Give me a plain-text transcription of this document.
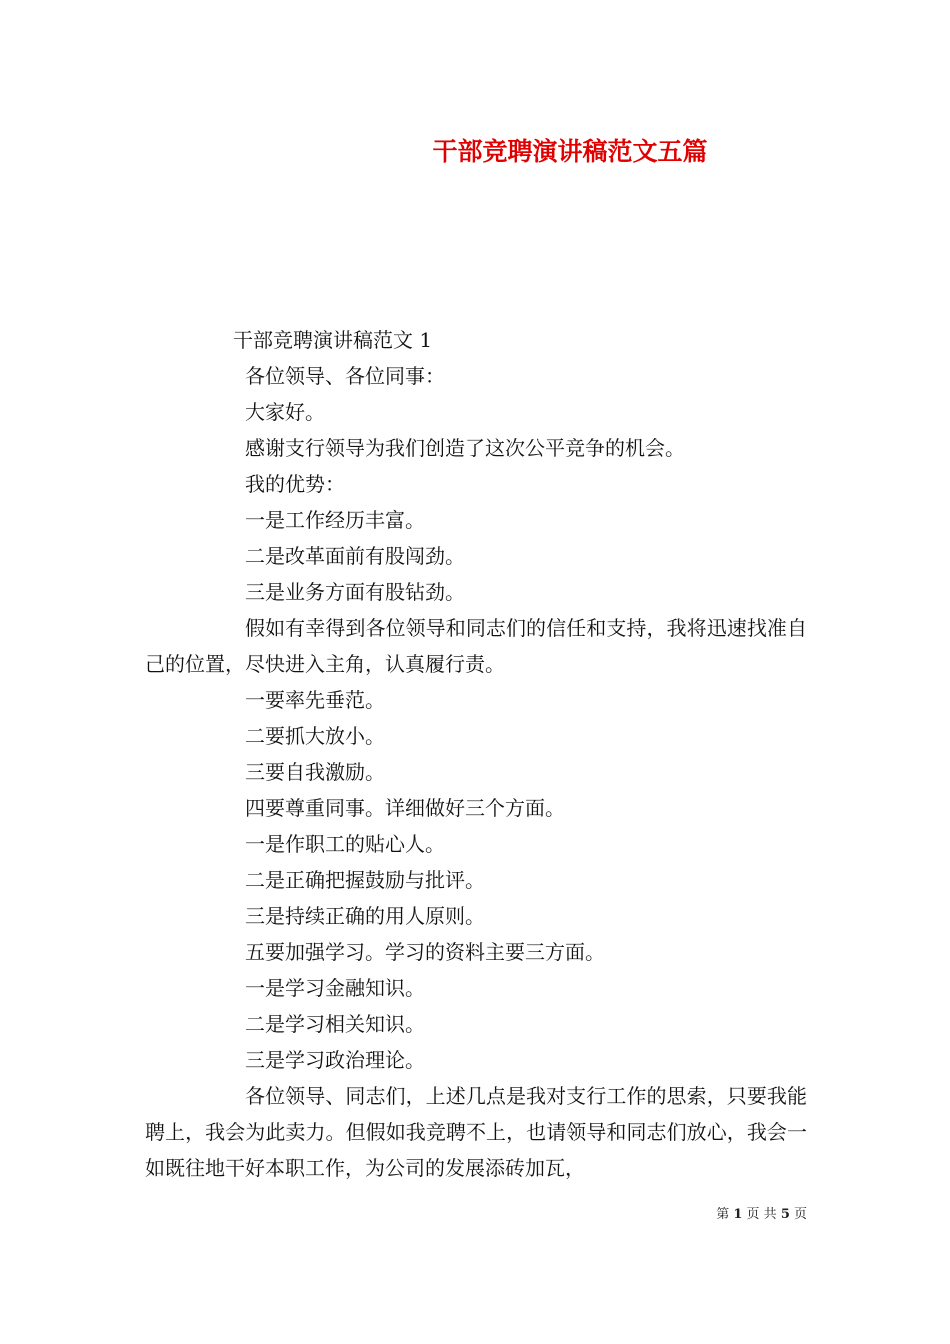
干部竞聘演讲稿范文五篇

干部竞聘演讲稿范文 1

各位领导、各位同事：

大家好。

感谢支行领导为我们创造了这次公平竞争的机会。

我的优势：

一是工作经历丰富。

二是改革面前有股闯劲。

三是业务方面有股钻劲。

假如有幸得到各位领导和同志们的信任和支持，我将迅速找准自己的位置，尽快进入主角，认真履行责。

一要率先垂范。

二要抓大放小。

三要自我激励。

四要尊重同事。详细做好三个方面。

一是作职工的贴心人。

二是正确把握鼓励与批评。

三是持续正确的用人原则。

五要加强学习。学习的资料主要三方面。

一是学习金融知识。

二是学习相关知识。

三是学习政治理论。

各位领导、同志们，上述几点是我对支行工作的思索，只要我能聘上，我会为此卖力。但假如我竞聘不上，也请领导和同志们放心，我会一如既往地干好本职工作，为公司的发展添砖加瓦，

第 1 页 共 5 页
